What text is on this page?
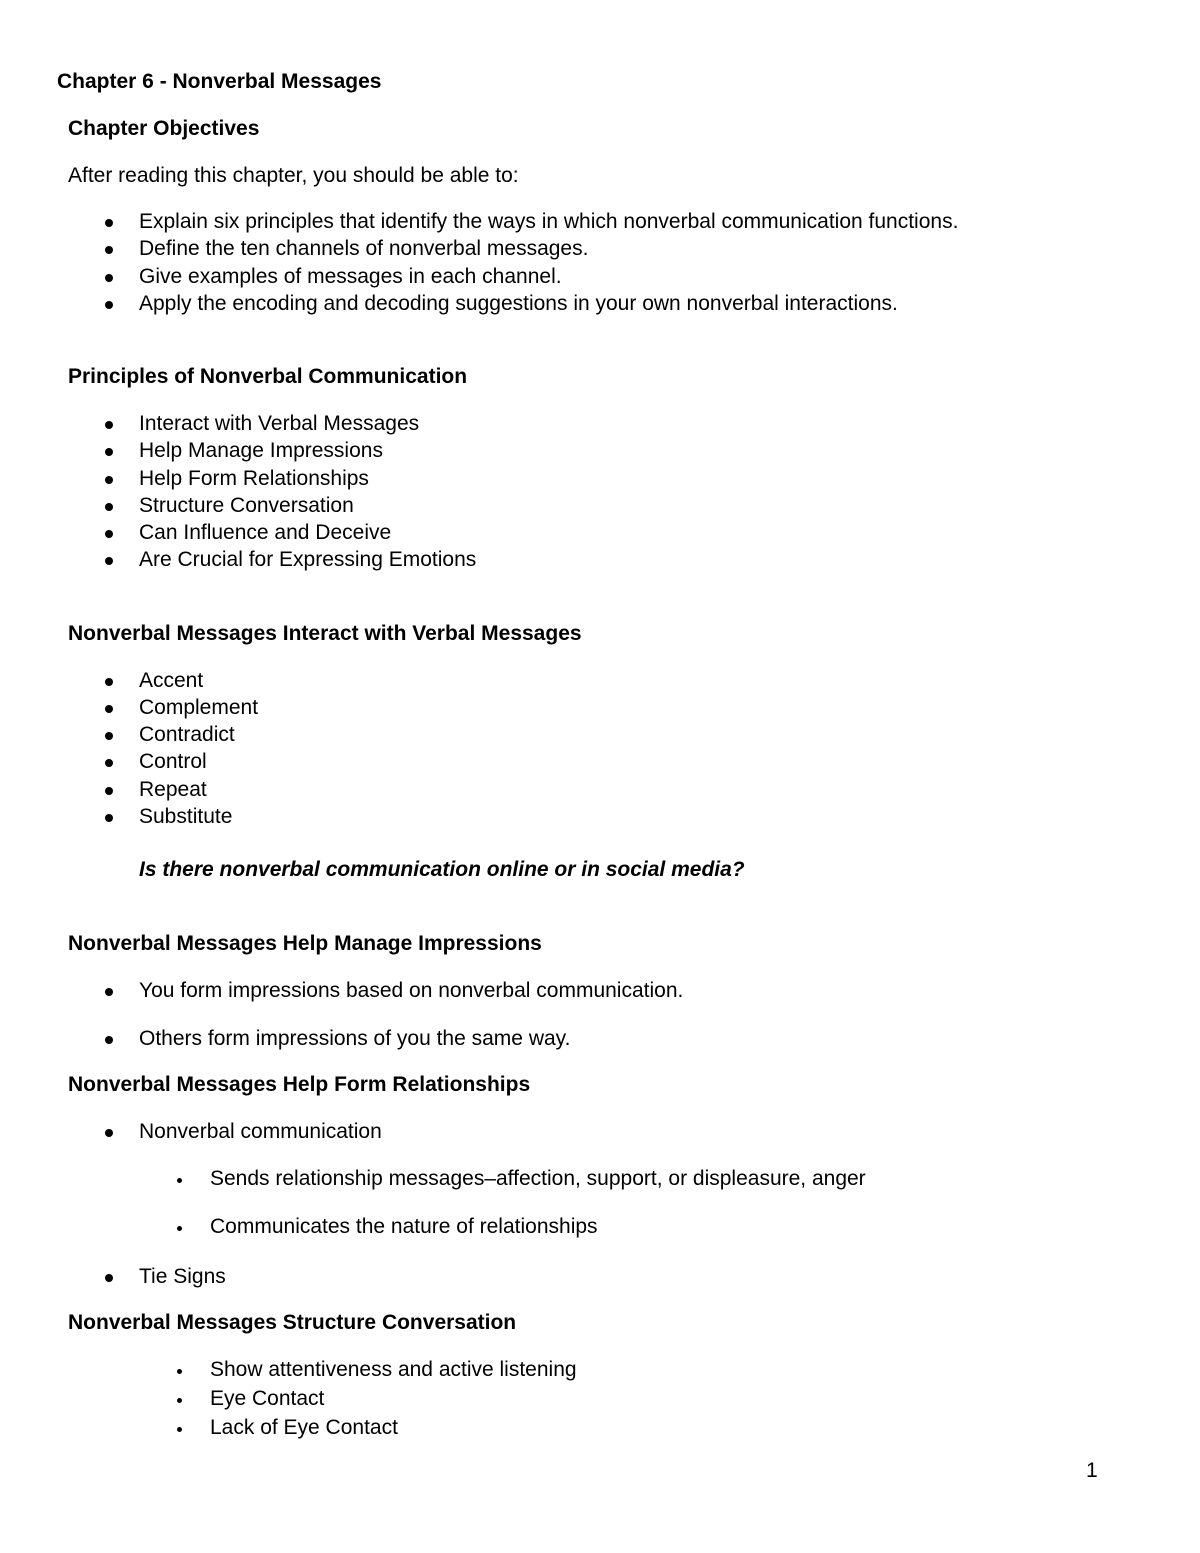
Chapter 6 - Nonverbal Messages
Chapter Objectives
After reading this chapter, you should be able to:
Explain six principles that identify the ways in which nonverbal communication functions.
Define the ten channels of nonverbal messages.
Give examples of messages in each channel.
Apply the encoding and decoding suggestions in your own nonverbal interactions.
Principles of Nonverbal Communication
Interact with Verbal Messages
Help Manage Impressions
Help Form Relationships
Structure Conversation
Can Influence and Deceive
Are Crucial for Expressing Emotions
Nonverbal Messages Interact with Verbal Messages
Accent
Complement
Contradict
Control
Repeat
Substitute
Is there nonverbal communication online or in social media?
Nonverbal Messages Help Manage Impressions
You form impressions based on nonverbal communication.
Others form impressions of you the same way.
Nonverbal Messages Help Form Relationships
Nonverbal communication
Sends relationship messages–affection, support, or displeasure, anger
Communicates the nature of relationships
Tie Signs
Nonverbal Messages Structure Conversation
Show attentiveness and active listening
Eye Contact
Lack of Eye Contact
1
